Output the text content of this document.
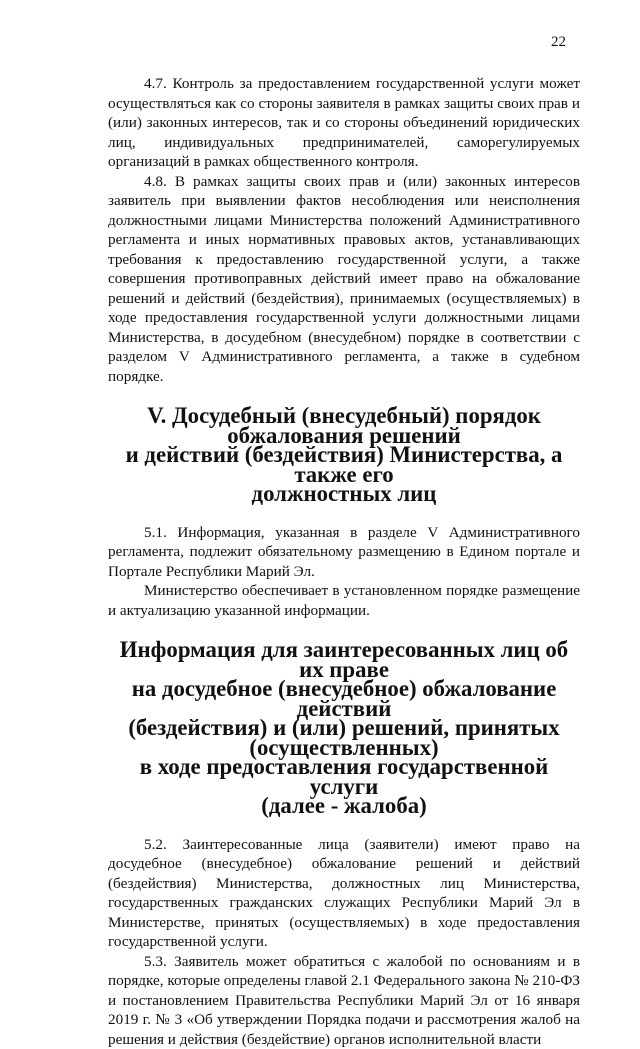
22

4.7. Контроль за предоставлением государственной услуги может осуществляться как со стороны заявителя в рамках защиты своих прав и (или) законных интересов, так и со стороны объединений юридических лиц, индивидуальных предпринимателей, саморегулируемых организаций в рамках общественного контроля.

4.8. В рамках защиты своих прав и (или) законных интересов заявитель при выявлении фактов несоблюдения или неисполнения должностными лицами Министерства положений Административного регламента и иных нормативных правовых актов, устанавливающих требования к предоставлению государственной услуги, а также совершения противоправных действий имеет право на обжалование решений и действий (бездействия), принимаемых (осуществляемых) в ходе предоставления государственной услуги должностными лицами Министерства, в досудебном (внесудебном) порядке в соответствии с разделом V Административного регламента, а также в судебном порядке.

V. Досудебный (внесудебный) порядок обжалования решений
и действий (бездействия) Министерства, а также его
должностных лиц

5.1. Информация, указанная в разделе V Административного регламента, подлежит обязательному размещению в Едином портале и Портале Республики Марий Эл.

Министерство обеспечивает в установленном порядке размещение и актуализацию указанной информации.

Информация для заинтересованных лиц об их праве
на досудебное (внесудебное) обжалование действий
(бездействия) и (или) решений, принятых (осуществленных)
в ходе предоставления государственной услуги
(далее - жалоба)

5.2. Заинтересованные лица (заявители) имеют право на досудебное (внесудебное) обжалование решений и действий (бездействия) Министерства, должностных лиц Министерства, государственных гражданских служащих Республики Марий Эл в Министерстве, принятых (осуществляемых) в ходе предоставления государственной услуги.

5.3. Заявитель может обратиться с жалобой по основаниям и в порядке, которые определены главой 2.1 Федерального закона № 210-ФЗ и постановлением Правительства Республики Марий Эл от 16 января 2019 г. № 3 «Об утверждении Порядка подачи и рассмотрения жалоб на решения и действия (бездействие) органов исполнительной власти
